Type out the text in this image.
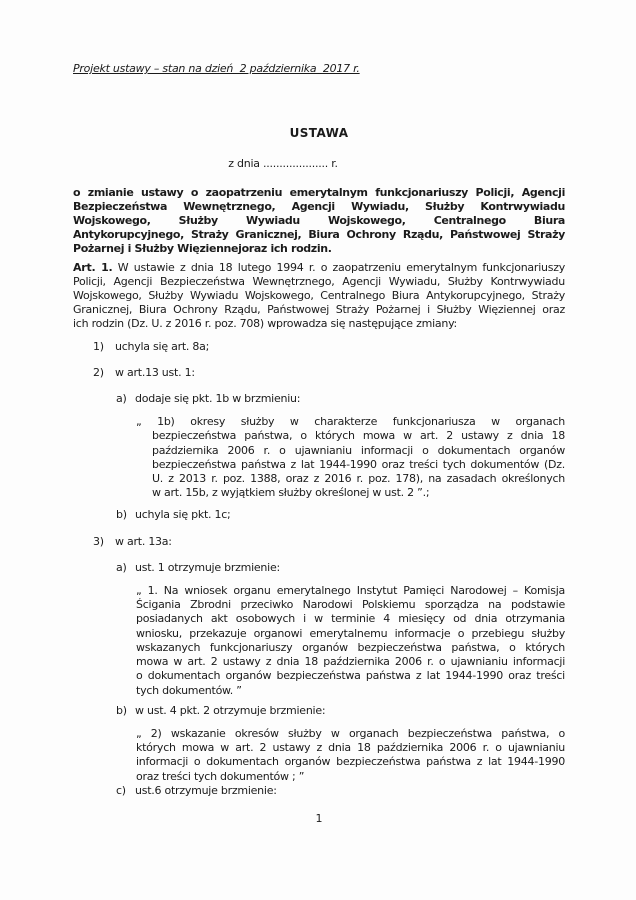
Projekt ustawy – stan na dzień  2 października  2017 r.
USTAWA
z dnia .................... r.
o zmianie ustawy o zaopatrzeniu emerytalnym funkcjonariuszy Policji, Agencji
Bezpieczeństwa Wewnętrznego, Agencji Wywiadu, Służby Kontrwywiadu
Wojskowego, Służby Wywiadu Wojskowego, Centralnego Biura
Antykorupcyjnego, Straży Granicznej, Biura Ochrony Rządu, Państwowej Straży
Pożarnej i Służby Więziennejoraz ich rodzin.
Art. 1. W ustawie z dnia 18 lutego 1994 r. o zaopatrzeniu emerytalnym funkcjonariuszy
Policji, Agencji Bezpieczeństwa Wewnętrznego, Agencji Wywiadu, Służby Kontrwywiadu
Wojskowego, Służby Wywiadu Wojskowego, Centralnego Biura Antykorupcyjnego, Straży
Granicznej, Biura Ochrony Rządu, Państwowej Straży Pożarnej i Służby Więziennej oraz
ich rodzin (Dz. U. z 2016 r. poz. 708) wprowadza się następujące zmiany:
1)	uchyla się art. 8a;
2)	w art.13 ust. 1:
a) dodaje się pkt. 1b w brzmieniu:
„ 1b) okresy służby w charakterze funkcjonariusza w organach
bezpieczeństwa państwa, o których mowa w art. 2 ustawy z dnia 18
października 2006 r. o ujawnianiu informacji o dokumentach organów
bezpieczeństwa państwa z lat 1944-1990 oraz treści tych dokumentów (Dz.
U. z 2013 r. poz. 1388, oraz z 2016 r. poz. 178), na zasadach określonych
w art. 15b, z wyjątkiem służby określonej w ust. 2 ”.;
b) uchyla się pkt. 1c;
3)	w art. 13a:
a) ust. 1 otrzymuje brzmienie:
„ 1. Na wniosek organu emerytalnego Instytut Pamięci Narodowej – Komisja
Ścigania Zbrodni przeciwko Narodowi Polskiemu sporządza na podstawie
posiadanych akt osobowych i w terminie 4 miesięcy od dnia otrzymania
wniosku, przekazuje organowi emerytalnemu informacje o przebiegu służby
wskazanych funkcjonariuszy organów bezpieczeństwa państwa, o których
mowa w art. 2 ustawy z dnia 18 października 2006 r. o ujawnianiu informacji
o dokumentach organów bezpieczeństwa państwa z lat 1944-1990 oraz treści
tych dokumentów. ”
b) w ust. 4 pkt. 2 otrzymuje brzmienie:
„ 2) wskazanie okresów służby w organach bezpieczeństwa państwa, o
których mowa w art. 2 ustawy z dnia 18 października 2006 r. o ujawnianiu
informacji o dokumentach organów bezpieczeństwa państwa z lat 1944-1990
oraz treści tych dokumentów ; ”
c) ust.6 otrzymuje brzmienie:
1
